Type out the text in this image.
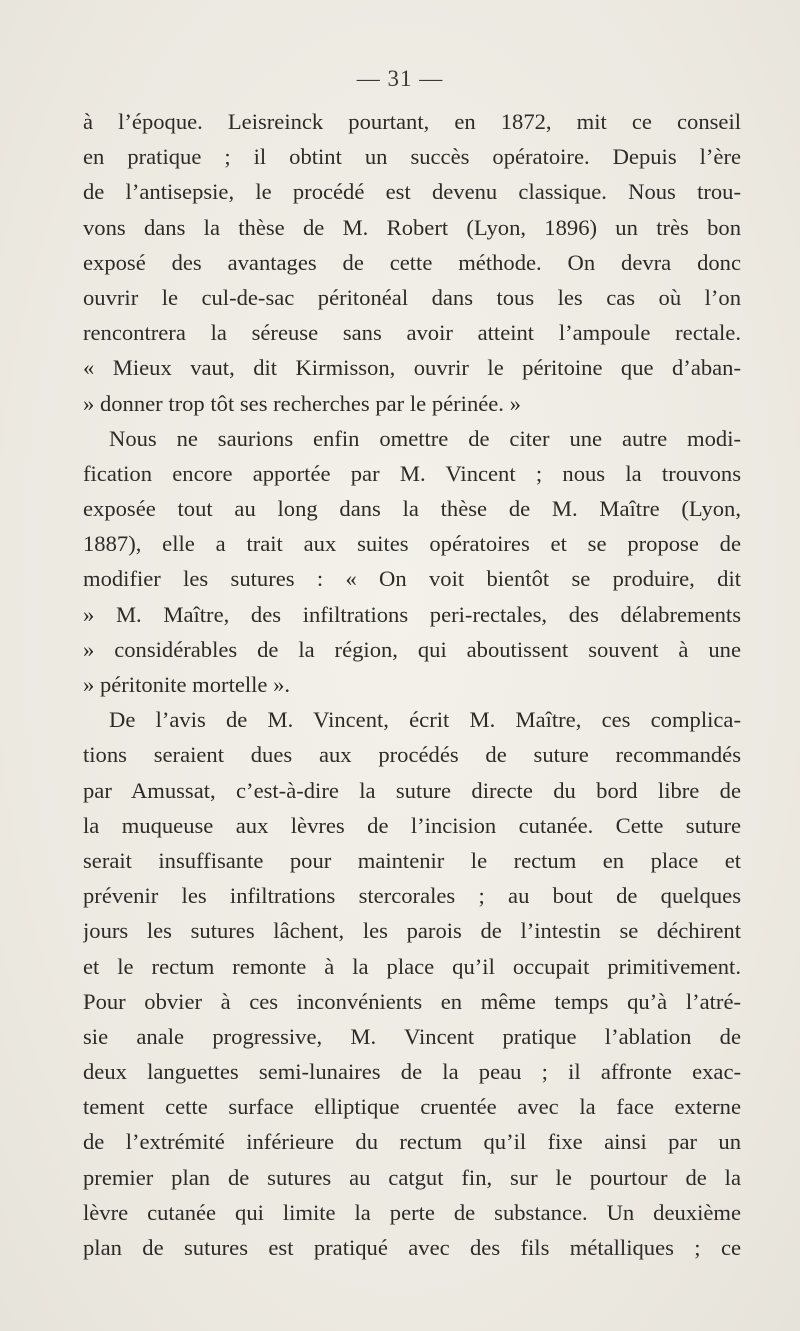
— 31 —
à l’époque. Leisreinck pourtant, en 1872, mit ce conseil
en pratique ; il obtint un succès opératoire. Depuis l’ère
de l’antisepsie, le procédé est devenu classique. Nous trou-
vons dans la thèse de M. Robert (Lyon, 1896) un très bon
exposé des avantages de cette méthode. On devra donc
ouvrir le cul-de-sac péritonéal dans tous les cas où l’on
rencontrera la séreuse sans avoir atteint l’ampoule rectale.
« Mieux vaut, dit Kirmisson, ouvrir le péritoine que d’aban-
» donner trop tôt ses recherches par le périnée. »
Nous ne saurions enfin omettre de citer une autre modi-
fication encore apportée par M. Vincent ; nous la trouvons
exposée tout au long dans la thèse de M. Maître (Lyon,
1887), elle a trait aux suites opératoires et se propose de
modifier les sutures : « On voit bientôt se produire, dit
» M. Maître, des infiltrations peri-rectales, des délabrements
» considérables de la région, qui aboutissent souvent à une
» péritonite mortelle ».
De l’avis de M. Vincent, écrit M. Maître, ces complica-
tions seraient dues aux procédés de suture recommandés
par Amussat, c’est-à-dire la suture directe du bord libre de
la muqueuse aux lèvres de l’incision cutanée. Cette suture
serait insuffisante pour maintenir le rectum en place et
prévenir les infiltrations stercorales ; au bout de quelques
jours les sutures lâchent, les parois de l’intestin se déchirent
et le rectum remonte à la place qu’il occupait primitivement.
Pour obvier à ces inconvénients en même temps qu’à l’atré-
sie anale progressive, M. Vincent pratique l’ablation de
deux languettes semi-lunaires de la peau ; il affronte exac-
tement cette surface elliptique cruentée avec la face externe
de l’extrémité inférieure du rectum qu’il fixe ainsi par un
premier plan de sutures au catgut fin, sur le pourtour de la
lèvre cutanée qui limite la perte de substance. Un deuxième
plan de sutures est pratiqué avec des fils métalliques ; ce
